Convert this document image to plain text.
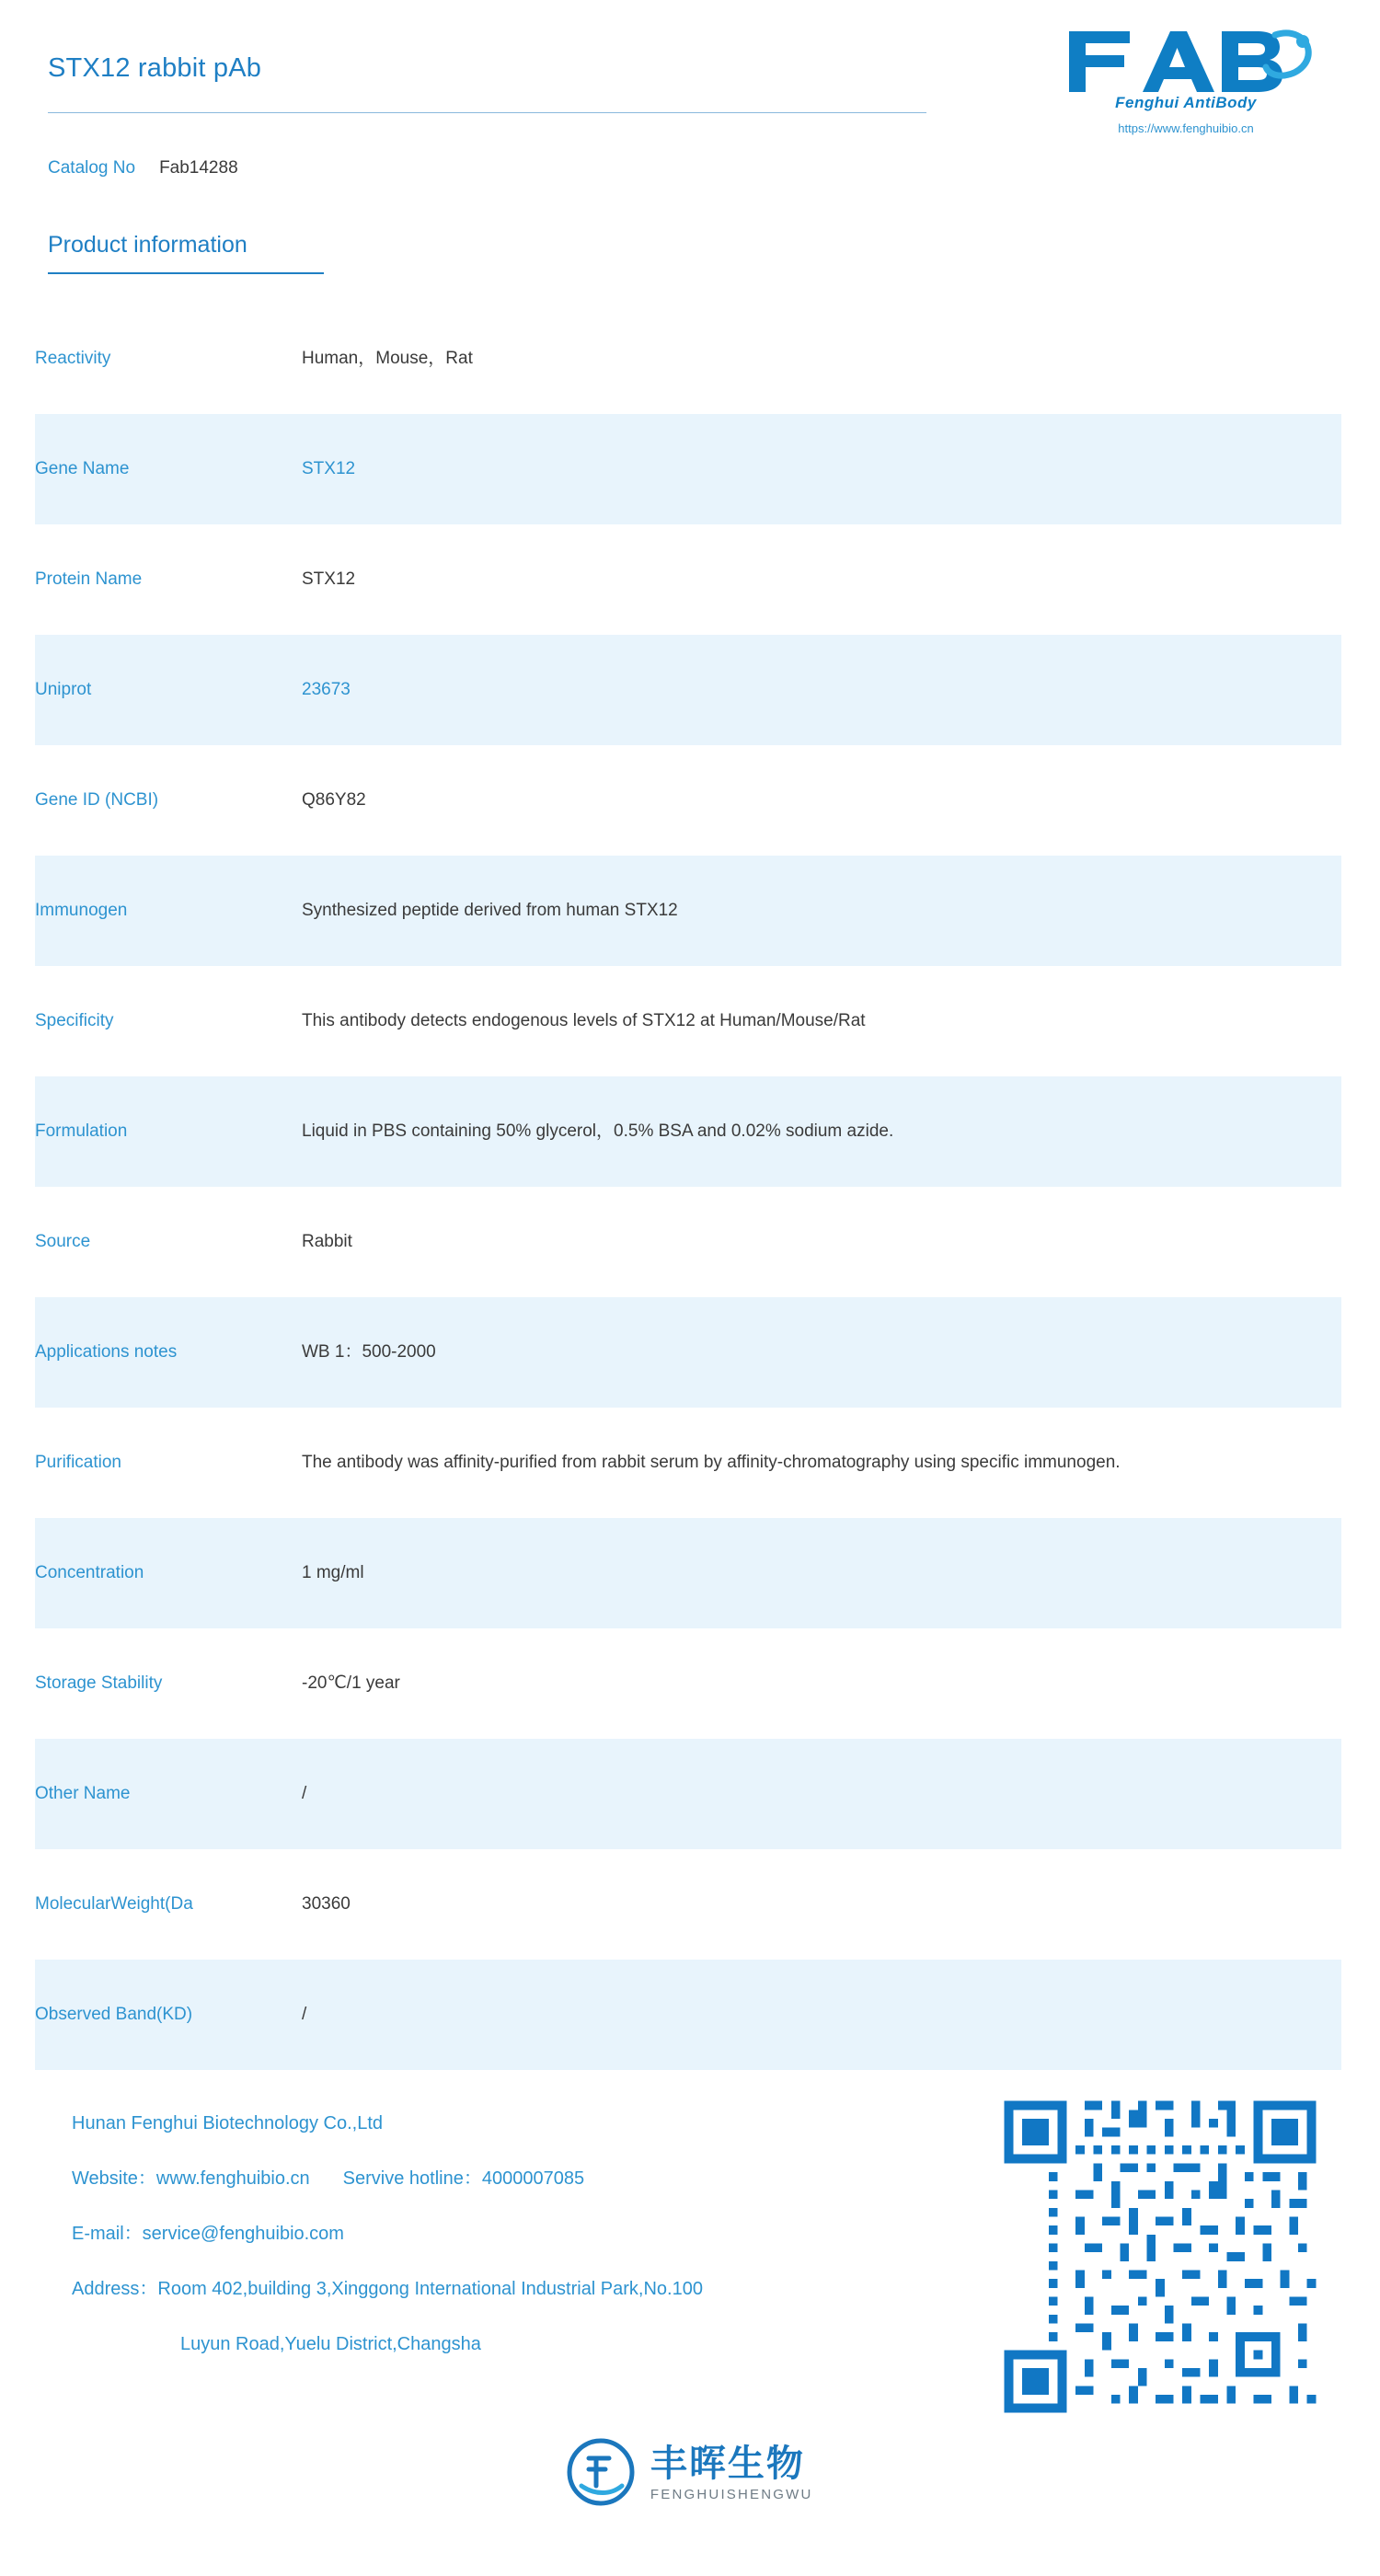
STX12 rabbit pAb
Catalog No Fab14288
Fenghui AntiBody
https://www.fenghuibio.cn
Product information
Reactivity	Human，Mouse，Rat
Gene Name	STX12
Protein Name	STX12
Uniprot	23673
Gene ID (NCBI)	Q86Y82
Immunogen	Synthesized peptide derived from human STX12
Specificity	This antibody detects endogenous levels of STX12 at Human/Mouse/Rat
Formulation	Liquid in PBS containing 50% glycerol，0.5% BSA and 0.02% sodium azide.
Source	Rabbit
Applications notes	WB 1：500-2000
Purification	The antibody was affinity-purified from rabbit serum by affinity-chromatography using specific immunogen.
Concentration	1 mg/ml
Storage Stability	-20℃/1 year
Other Name	/
MolecularWeight(Da	30360
Observed Band(KD)	/
Hunan Fenghui Biotechnology Co.,Ltd
Website：www.fenghuibio.cn Servive hotline：4000007085
E-mail：service@fenghuibio.com
Address：Room 402,building 3,Xinggong International Industrial Park,No.100
Luyun Road,Yuelu District,Changsha
丰晖生物
FENGHUISHENGWU
